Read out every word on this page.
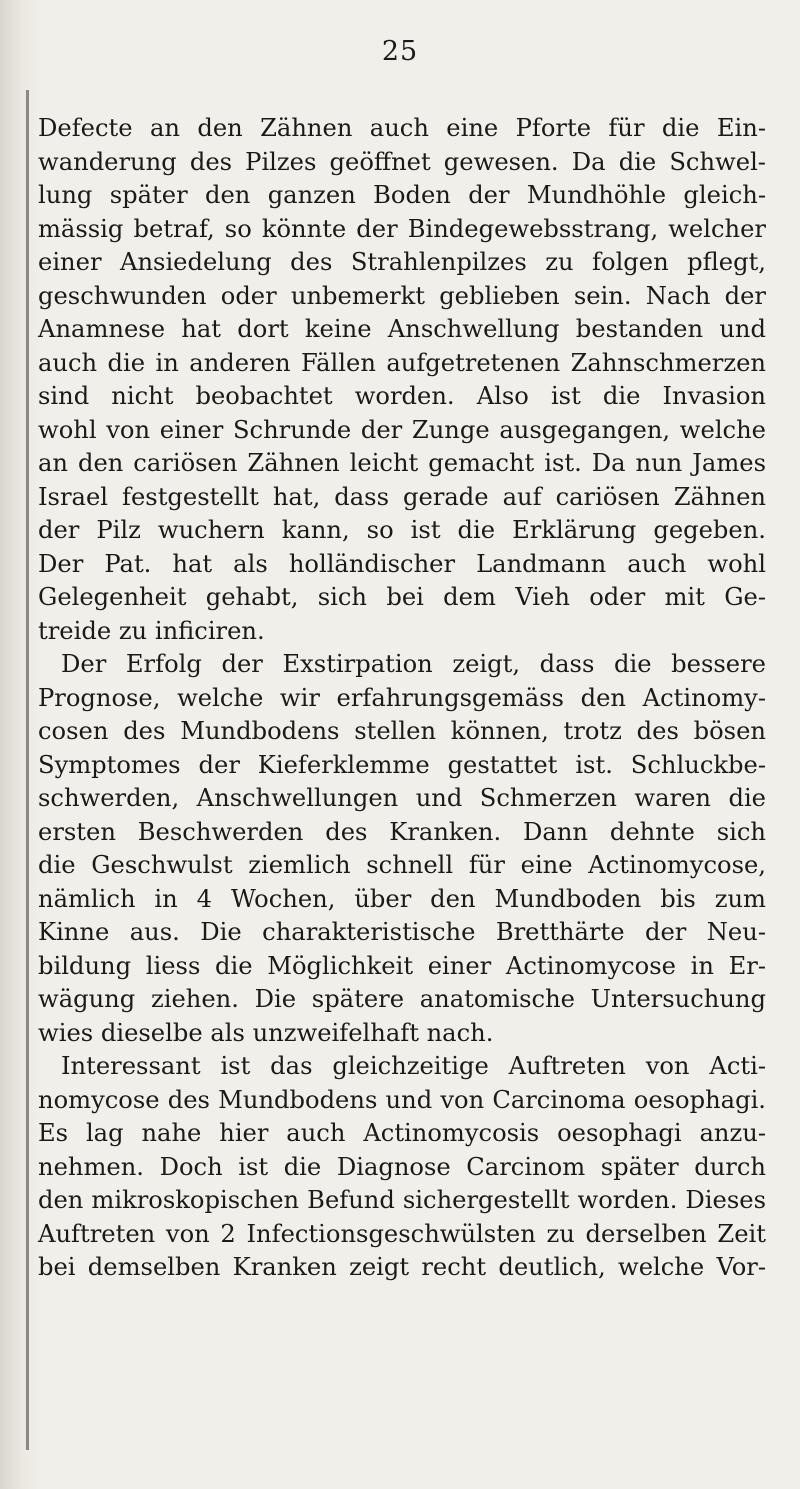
25
Defecte an den Zähnen auch eine Pforte für die Ein-
wanderung des Pilzes geöffnet gewesen. Da die Schwel-
lung später den ganzen Boden der Mundhöhle gleich-
mässig betraf, so könnte der Bindegewebsstrang, welcher
einer Ansiedelung des Strahlenpilzes zu folgen pflegt,
geschwunden oder unbemerkt geblieben sein. Nach der
Anamnese hat dort keine Anschwellung bestanden und
auch die in anderen Fällen aufgetretenen Zahnschmerzen
sind nicht beobachtet worden. Also ist die Invasion
wohl von einer Schrunde der Zunge ausgegangen, welche
an den cariösen Zähnen leicht gemacht ist. Da nun James
Israel festgestellt hat, dass gerade auf cariösen Zähnen
der Pilz wuchern kann, so ist die Erklärung gegeben.
Der Pat. hat als holländischer Landmann auch wohl
Gelegenheit gehabt, sich bei dem Vieh oder mit Ge-
treide zu inficiren.
Der Erfolg der Exstirpation zeigt, dass die bessere
Prognose, welche wir erfahrungsgemäss den Actinomy-
cosen des Mundbodens stellen können, trotz des bösen
Symptomes der Kieferklemme gestattet ist. Schluckbe-
schwerden, Anschwellungen und Schmerzen waren die
ersten Beschwerden des Kranken. Dann dehnte sich
die Geschwulst ziemlich schnell für eine Actinomycose,
nämlich in 4 Wochen, über den Mundboden bis zum
Kinne aus. Die charakteristische Bretthärte der Neu-
bildung liess die Möglichkeit einer Actinomycose in Er-
wägung ziehen. Die spätere anatomische Untersuchung
wies dieselbe als unzweifelhaft nach.
Interessant ist das gleichzeitige Auftreten von Acti-
nomycose des Mundbodens und von Carcinoma oesophagi.
Es lag nahe hier auch Actinomycosis oesophagi anzu-
nehmen. Doch ist die Diagnose Carcinom später durch
den mikroskopischen Befund sichergestellt worden. Dieses
Auftreten von 2 Infectionsgeschwülsten zu derselben Zeit
bei demselben Kranken zeigt recht deutlich, welche Vor-
